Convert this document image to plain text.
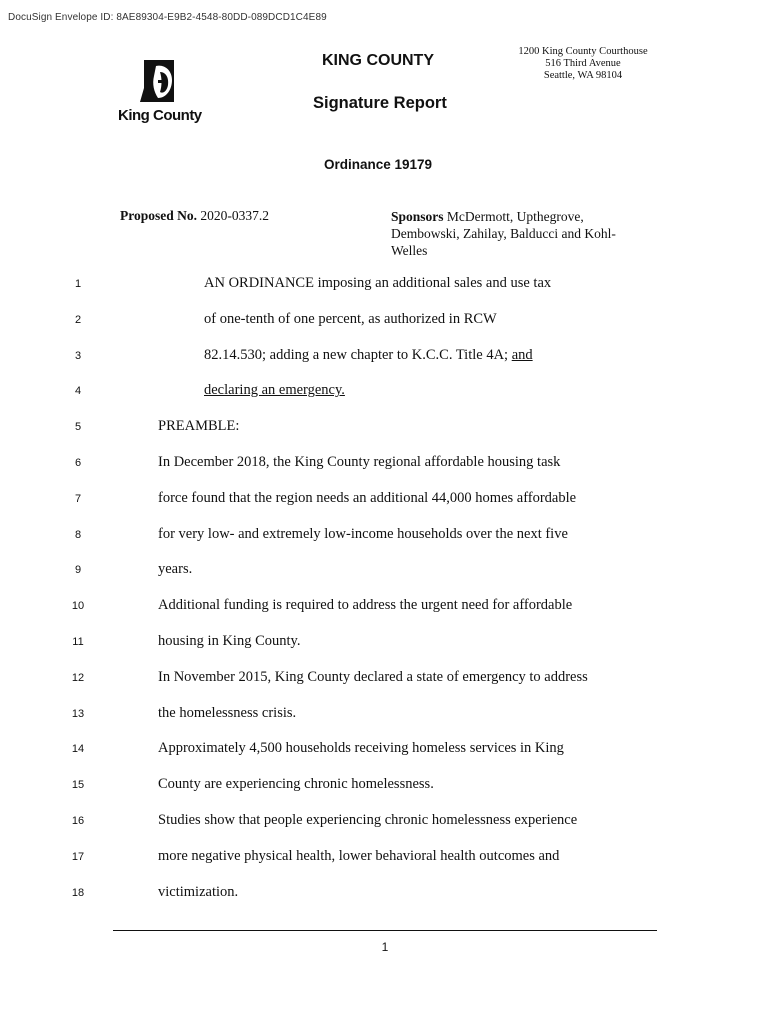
DocuSign Envelope ID: 8AE89304-E9B2-4548-80DD-089DCD1C4E89
King County
KING COUNTY
1200 King County Courthouse
516 Third Avenue
Seattle, WA 98104
Signature Report
Ordinance 19179
Proposed No. 2020-0337.2	Sponsors McDermott, Upthegrove, Dembowski, Zahilay, Balducci and Kohl-Welles
1	AN ORDINANCE imposing an additional sales and use tax
2	of one-tenth of one percent, as authorized in RCW
3	82.14.530; adding a new chapter to K.C.C. Title 4A; and
4	declaring an emergency.
5	PREAMBLE:
6	In December 2018, the King County regional affordable housing task
7	force found that the region needs an additional 44,000 homes affordable
8	for very low- and extremely low-income households over the next five
9	years.
10	Additional funding is required to address the urgent need for affordable
11	housing in King County.
12	In November 2015, King County declared a state of emergency to address
13	the homelessness crisis.
14	Approximately 4,500 households receiving homeless services in King
15	County are experiencing chronic homelessness.
16	Studies show that people experiencing chronic homelessness experience
17	more negative physical health, lower behavioral health outcomes and
18	victimization.
1
